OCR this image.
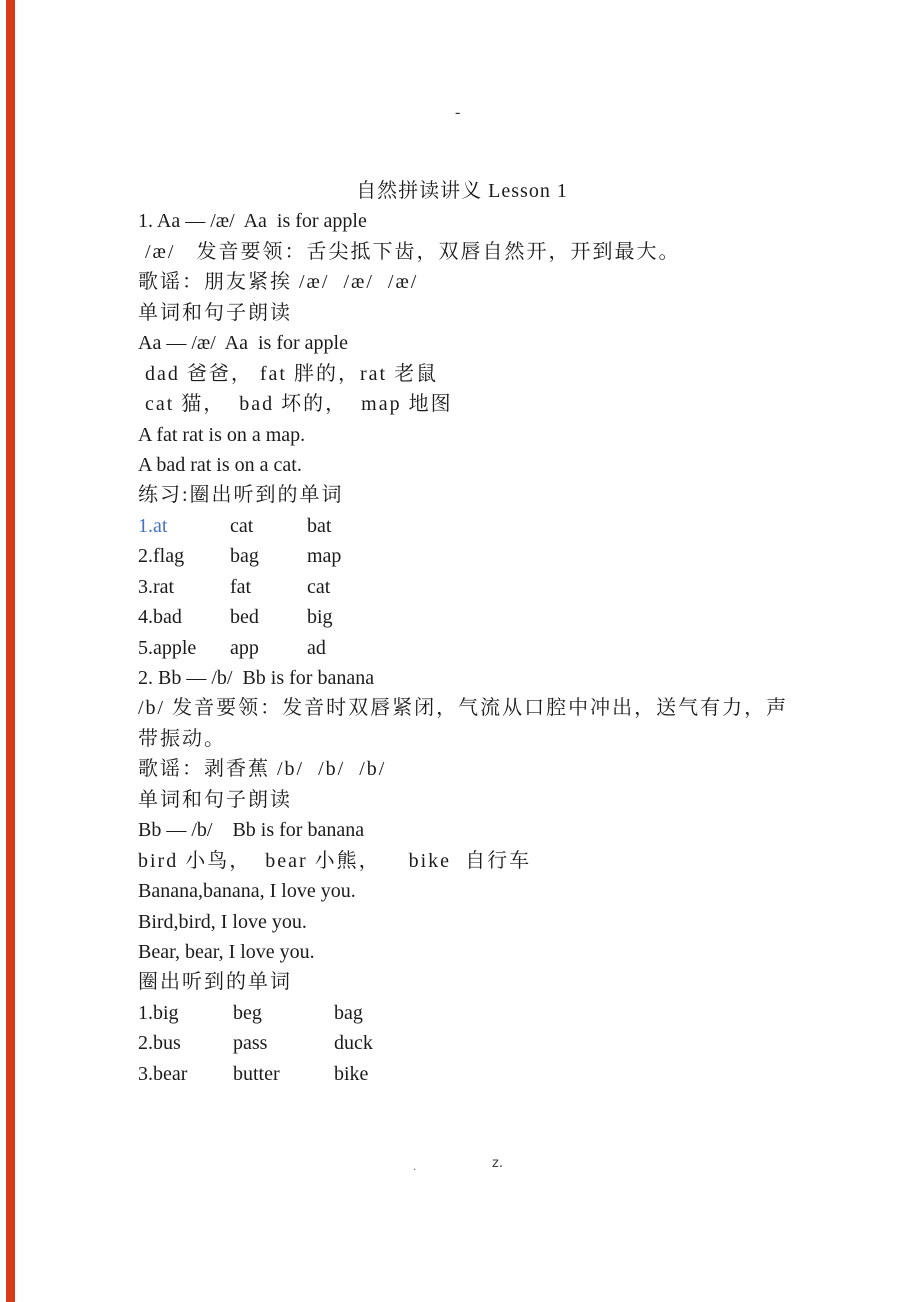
-
自然拼读讲义 Lesson 1
1. Aa — /æ/  Aa  is for apple
/æ/   发音要领：舌尖抵下齿，双唇自然开，开到最大。
歌谣：朋友紧挨 /æ/  /æ/  /æ/
单词和句子朗读
Aa — /æ/  Aa  is for apple
dad 爸爸， fat 胖的，rat 老鼠
cat 猫，  bad 坏的，  map 地图
A fat rat is on a map.
A bad rat is on a cat.
练习:圈出听到的单词
1.at	cat	bat
2.flag	bag	map
3.rat	fat	cat
4.bad	bed	big
5.apple	app	ad
2. Bb — /b/  Bb is for banana
/b/ 发音要领：发音时双唇紧闭，气流从口腔中冲出，送气有力，声
带振动。
歌谣：剥香蕉 /b/  /b/  /b/
单词和句子朗读
Bb — /b/    Bb is for banana
bird 小鸟，  bear 小熊，    bike  自行车
Banana,banana, I love you.
Bird,bird, I love you.
Bear, bear, I love you.
圈出听到的单词
1.big	beg	bag
2.bus	pass	duck
3.bear	butter	bike
.	z.
